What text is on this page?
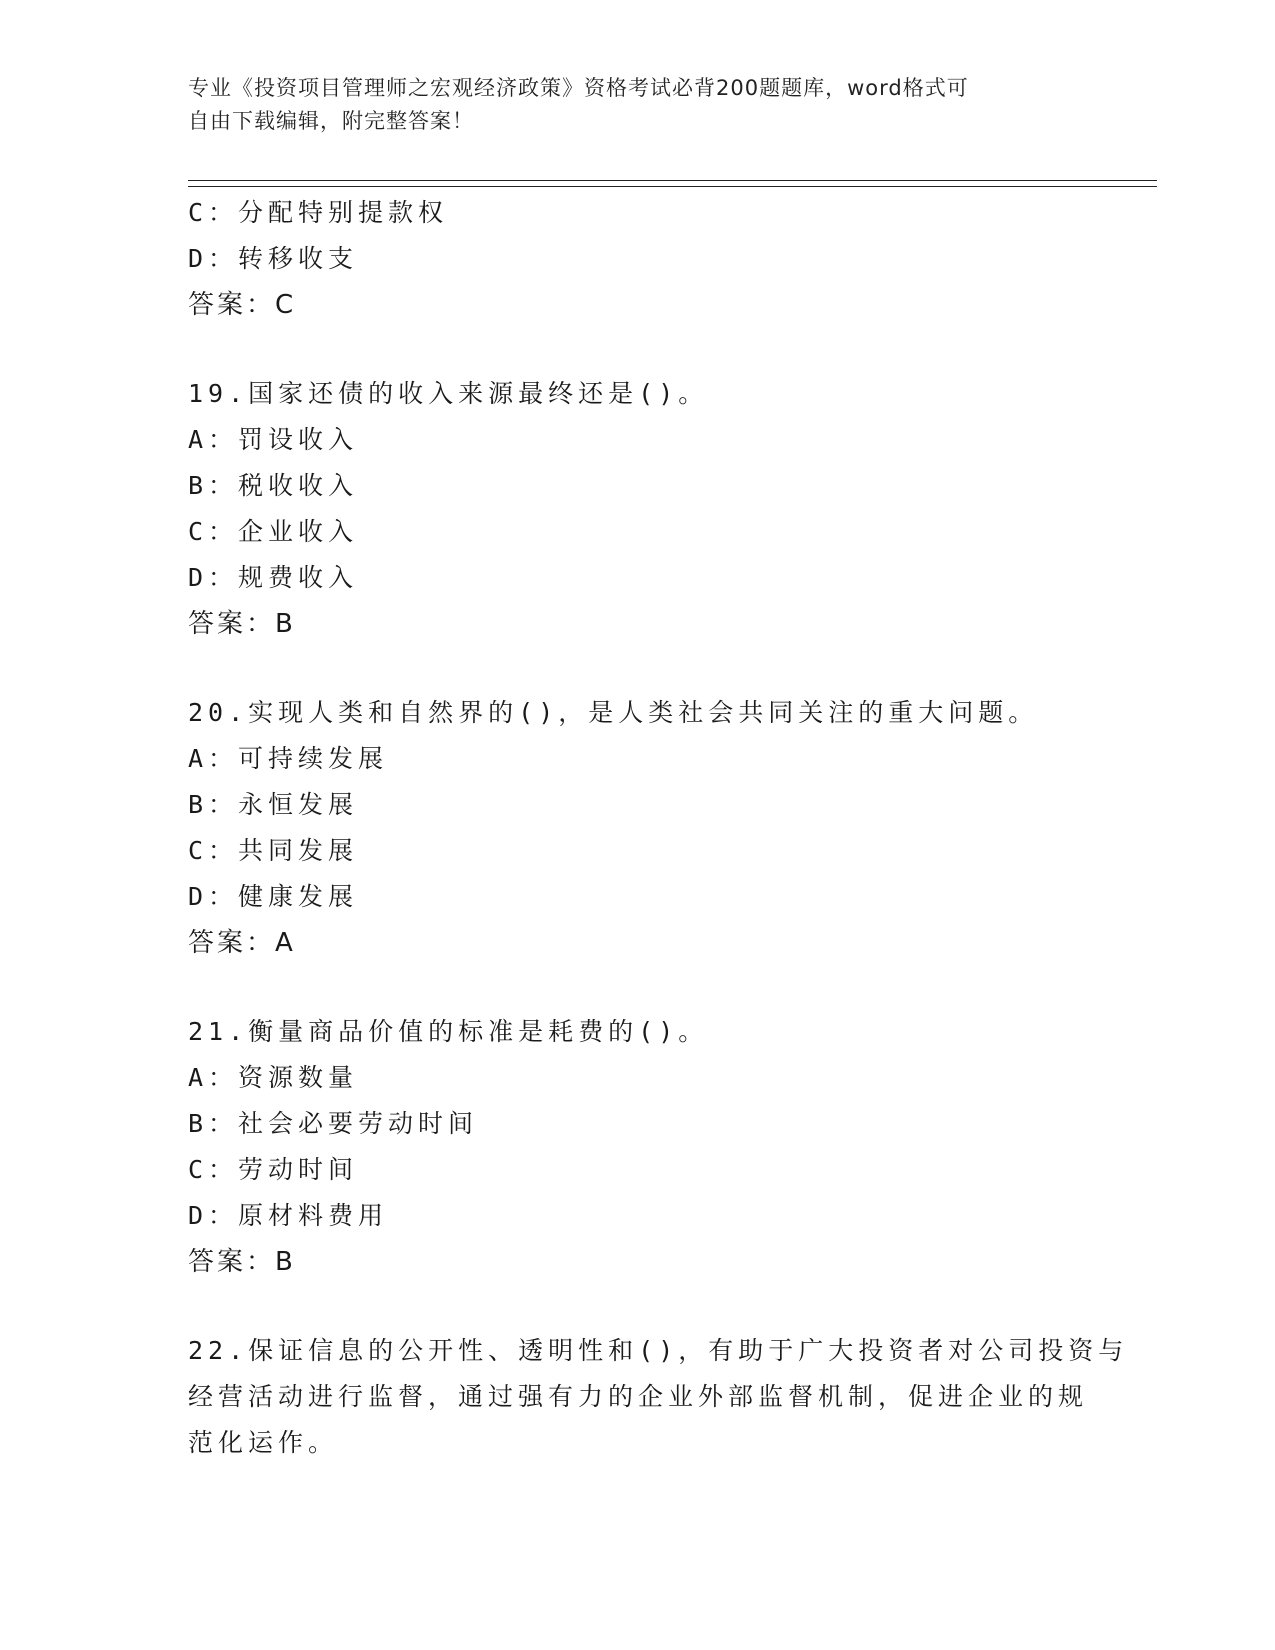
专业《投资项目管理师之宏观经济政策》资格考试必背200题题库，word格式可
自由下载编辑，附完整答案！
C：分配特别提款权
D：转移收支
答案：C
19.国家还债的收入来源最终还是()。
A：罚设收入
B：税收收入
C：企业收入
D：规费收入
答案：B
20.实现人类和自然界的()，是人类社会共同关注的重大问题。
A：可持续发展
B：永恒发展
C：共同发展
D：健康发展
答案：A
21.衡量商品价值的标准是耗费的()。
A：资源数量
B：社会必要劳动时间
C：劳动时间
D：原材料费用
答案：B
22.保证信息的公开性、透明性和()，有助于广大投资者对公司投资与
经营活动进行监督，通过强有力的企业外部监督机制，促进企业的规
范化运作。
